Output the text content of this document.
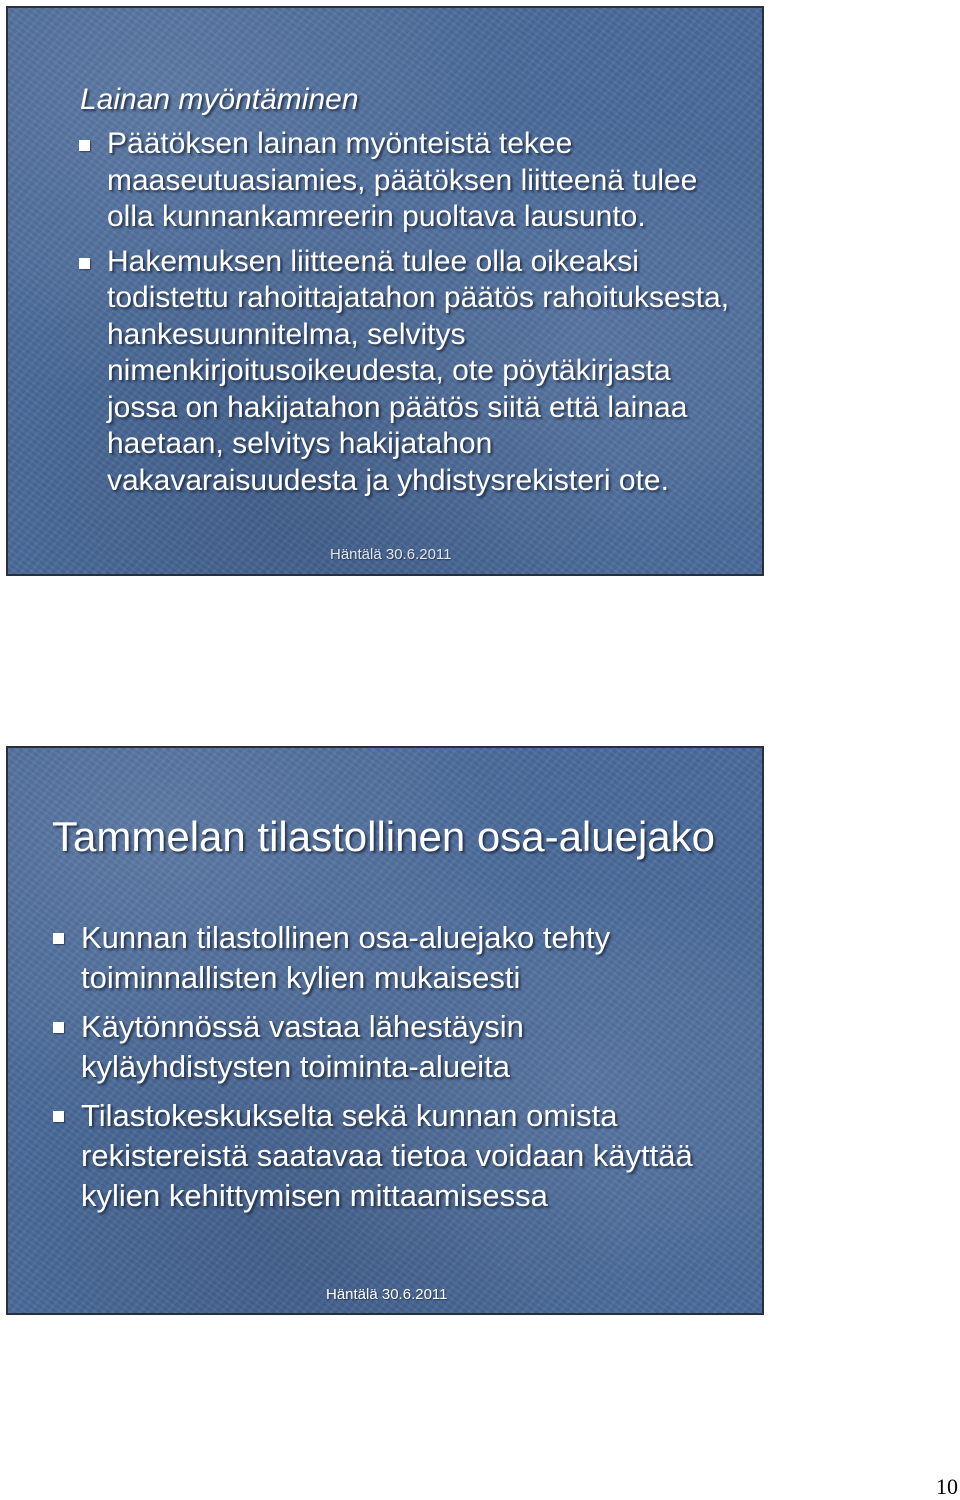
Lainan myöntäminen
Päätöksen lainan myönteistä tekee maaseutuasiamies, päätöksen liitteenä tulee olla kunnankamreerin puoltava lausunto.
Hakemuksen liitteenä tulee olla oikeaksi todistettu rahoittajatahon päätös rahoituksesta, hankesuunnitelma, selvitys nimenkirjoitusoikeudesta, ote pöytäkirjasta jossa on hakijatahon päätös siitä että lainaa haetaan, selvitys hakijatahon vakavaraisuudesta ja yhdistysrekisteri ote.
Häntälä 30.6.2011
Tammelan tilastollinen osa-aluejako
Kunnan tilastollinen osa-aluejako tehty toiminnallisten kylien mukaisesti
Käytönnössä vastaa lähestäysin kyläyhdistysten toiminta-alueita
Tilastokeskukselta sekä kunnan omista rekistereistä saatavaa tietoa voidaan käyttää kylien kehittymisen mittaamisessa
Häntälä 30.6.2011
10
